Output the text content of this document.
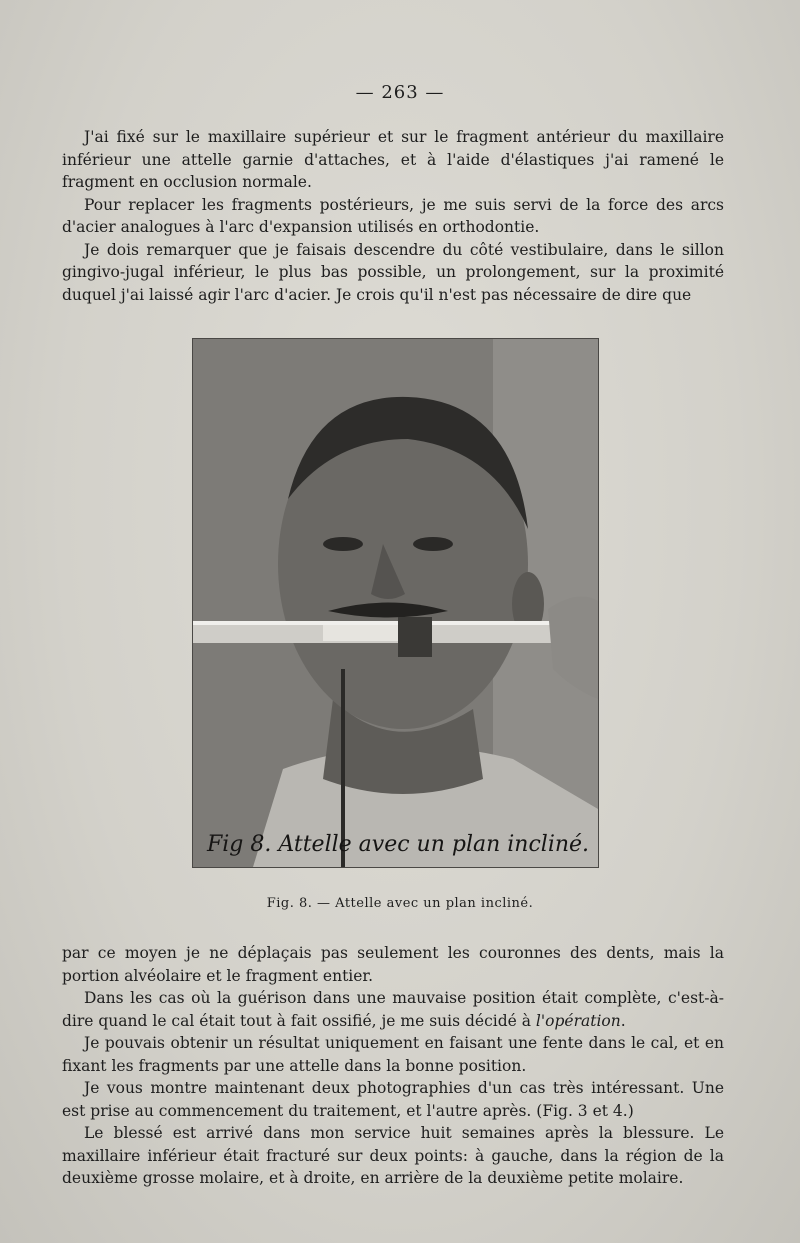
— 263 —

J'ai fixé sur le maxillaire supérieur et sur le fragment antérieur du maxillaire inférieur une attelle garnie d'attaches, et à l'aide d'élastiques j'ai ramené le fragment en occlusion normale.

Pour replacer les fragments postérieurs, je me suis servi de la force des arcs d'acier analogues à l'arc d'expansion utilisés en orthodontie.

Je dois remarquer que je faisais descendre du côté vestibulaire, dans le sillon gingivo-jugal inférieur, le plus bas possible, un prolongement, sur la proximité duquel j'ai laissé agir l'arc d'acier. Je crois qu'il n'est pas nécessaire de dire que

Fig 8. Attelle avec un plan incliné.
Fig. 8. — Attelle avec un plan incliné.

par ce moyen je ne déplaçais pas seulement les couronnes des dents, mais la portion alvéolaire et le fragment entier.

Dans les cas où la guérison dans une mauvaise position était complète, c'est-à-dire quand le cal était tout à fait ossifié, je me suis décidé à l'opération.

Je pouvais obtenir un résultat uniquement en faisant une fente dans le cal, et en fixant les fragments par une attelle dans la bonne position.

Je vous montre maintenant deux photographies d'un cas très intéressant. Une est prise au commencement du traitement, et l'autre après. (Fig. 3 et 4.)

Le blessé est arrivé dans mon service huit semaines après la blessure. Le maxillaire inférieur était fracturé sur deux points: à gauche, dans la région de la deuxième grosse molaire, et à droite, en arrière de la deuxième petite molaire.
